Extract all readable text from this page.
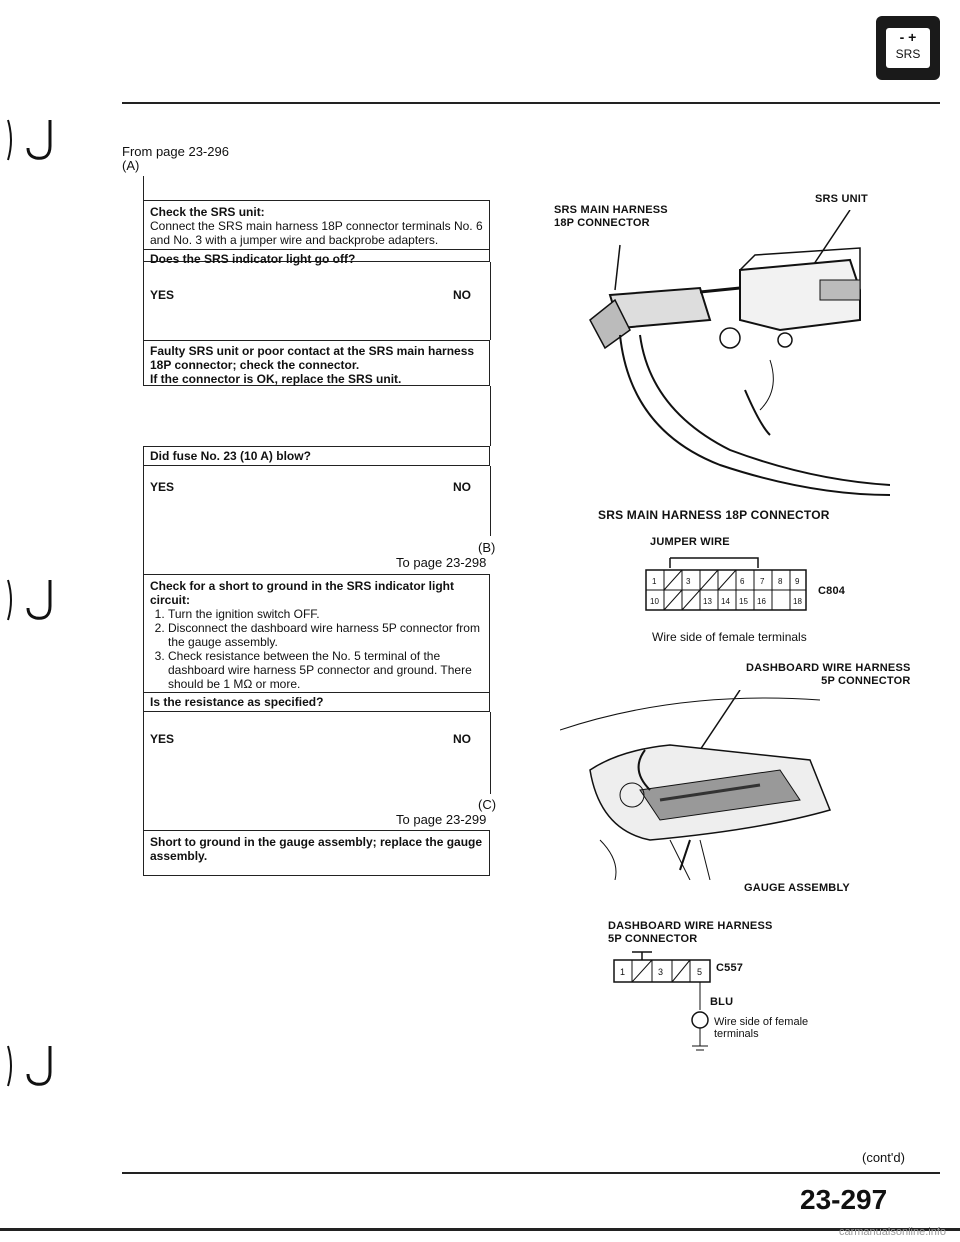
- +
SRS
From page 23-296
(A)
Check the SRS unit:
Connect the SRS main harness 18P connector terminals No. 6 and No. 3 with a jumper wire and backprobe adapters.
Does the SRS indicator light go off?
YES	NO
Faulty SRS unit or poor contact at the SRS main harness
18P connector; check the connector.
If the connector is OK, replace the SRS unit.
Did fuse No. 23 (10 A) blow?
YES	NO
(B)
To page 23-298
Check for a short to ground in the SRS indicator light circuit:
1. Turn the ignition switch OFF.
2. Disconnect the dashboard wire harness 5P connector from the gauge assembly.
3. Check resistance between the No. 5 terminal of the dashboard wire harness 5P connector and ground. There should be 1 MΩ or more.
Is the resistance as specified?
YES	NO
(C)
To page 23-299
Short to ground in the gauge assembly; replace the gauge assembly.
SRS MAIN HARNESS
18P CONNECTOR
SRS UNIT
SRS MAIN HARNESS 18P CONNECTOR
JUMPER WIRE
C804
1	3	6 7 8 9
10	13 14 15 16	18
Wire side of female terminals
DASHBOARD WIRE HARNESS
5P CONNECTOR
GAUGE ASSEMBLY
DASHBOARD WIRE HARNESS
5P CONNECTOR
1	3	5 C557
BLU
Wire side of female
terminals
(cont'd)
23-297
carmanualsonline.info
